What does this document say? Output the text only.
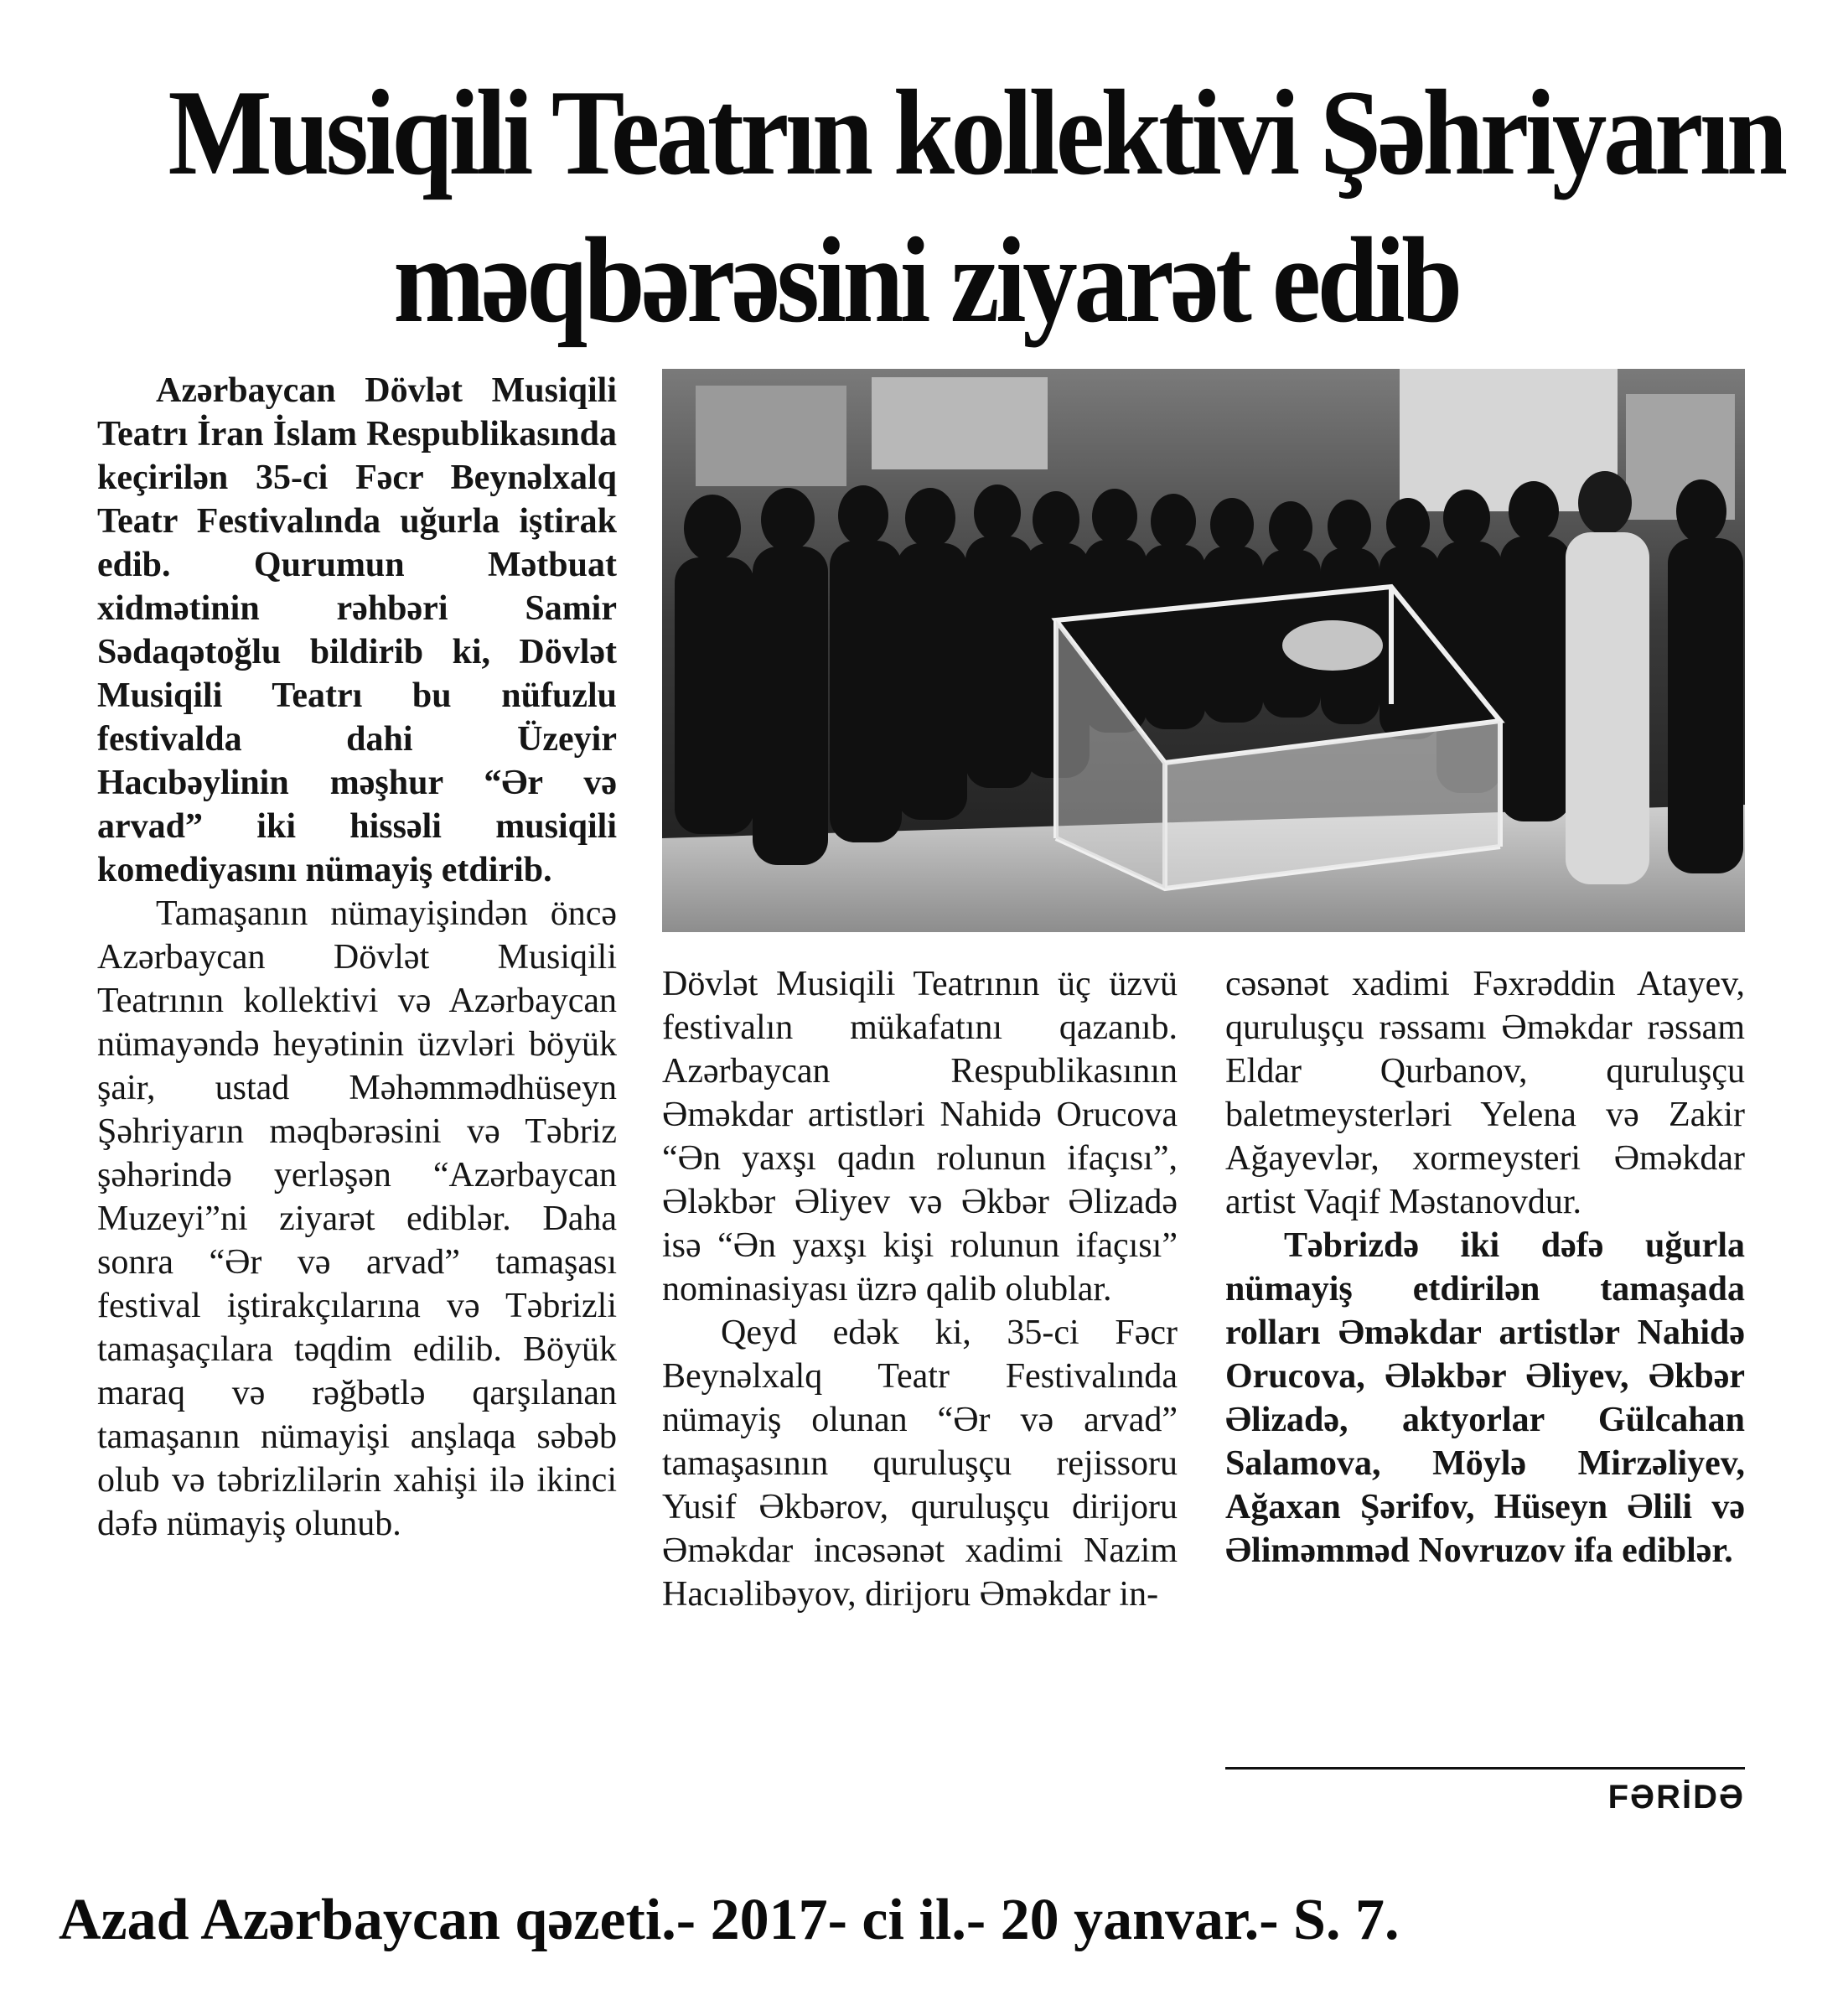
Musiqili Teatrın kollektivi Şəhriyarın
məqbərəsini ziyarət edib

Azərbaycan Dövlət Musiqili Teatrı İran İslam Respublikasında keçirilən 35-ci Fəcr Beynəlxalq Teatr Festivalında uğurla iştirak edib. Qurumun Mətbuat xidmətinin rəhbəri Samir Sədaqətoğlu bildirib ki, Dövlət Musiqili Teatrı bu nüfuzlu festivalda dahi Üzeyir Hacıbəylinin məşhur “Ər və arvad” iki hissəli musiqili komediyasını nümayiş etdirib.

Tamaşanın nümayişindən öncə Azərbaycan Dövlət Musiqili Teatrının kollektivi və Azərbaycan nümayəndə heyətinin üzvləri böyük şair, ustad Məhəmmədhüseyn Şəhriyarın məqbərəsini və Təbriz şəhərində yerləşən “Azərbaycan Muzeyi”ni ziyarət ediblər. Daha sonra “Ər və arvad” tamaşası festival iştirakçılarına və Təbrizli tamaşaçılara təqdim edilib. Böyük maraq və rəğbətlə qarşılanan tamaşanın nümayişi anşlaqa səbəb olub və təbrizlilərin xahişi ilə ikinci dəfə nümayiş olunub.

Dövlət Musiqili Teatrının üç üzvü festivalın mükafatını qazanıb. Azərbaycan Respublikasının Əməkdar artistləri Nahidə Orucova “Ən yaxşı qadın rolunun ifaçısı”, Ələkbər Əliyev və Əkbər Əlizadə isə “Ən yaxşı kişi rolunun ifaçısı” nominasiyası üzrə qalib olublar.

Qeyd edək ki, 35-ci Fəcr Beynəlxalq Teatr Festivalında nümayiş olunan “Ər və arvad” tamaşasının quruluşçu rejissoru Yusif Əkbərov, quruluşçu dirijoru Əməkdar incəsənət xadimi Nazim Hacıəlibəyov, dirijoru Əməkdar in-

cəsənət xadimi Fəxrəddin Atayev, quruluşçu rəssamı Əməkdar rəssam Eldar Qurbanov, quruluşçu baletmeysterləri Yelena və Zakir Ağayevlər, xormeysteri Əməkdar artist Vaqif Məstanovdur.

Təbrizdə iki dəfə uğurla nümayiş etdirilən tamaşada rolları Əməkdar artistlər Nahidə Orucova, Ələkbər Əliyev, Əkbər Əlizadə, aktyorlar Gülcahan Salamova, Möylə Mirzəliyev, Ağaxan Şərifov, Hüseyn Əlili və Əliməmməd Novruzov ifa ediblər.

FƏRİDƏ
Azad Azərbaycan qəzeti.- 2017- ci il.- 20 yanvar.- S. 7.
